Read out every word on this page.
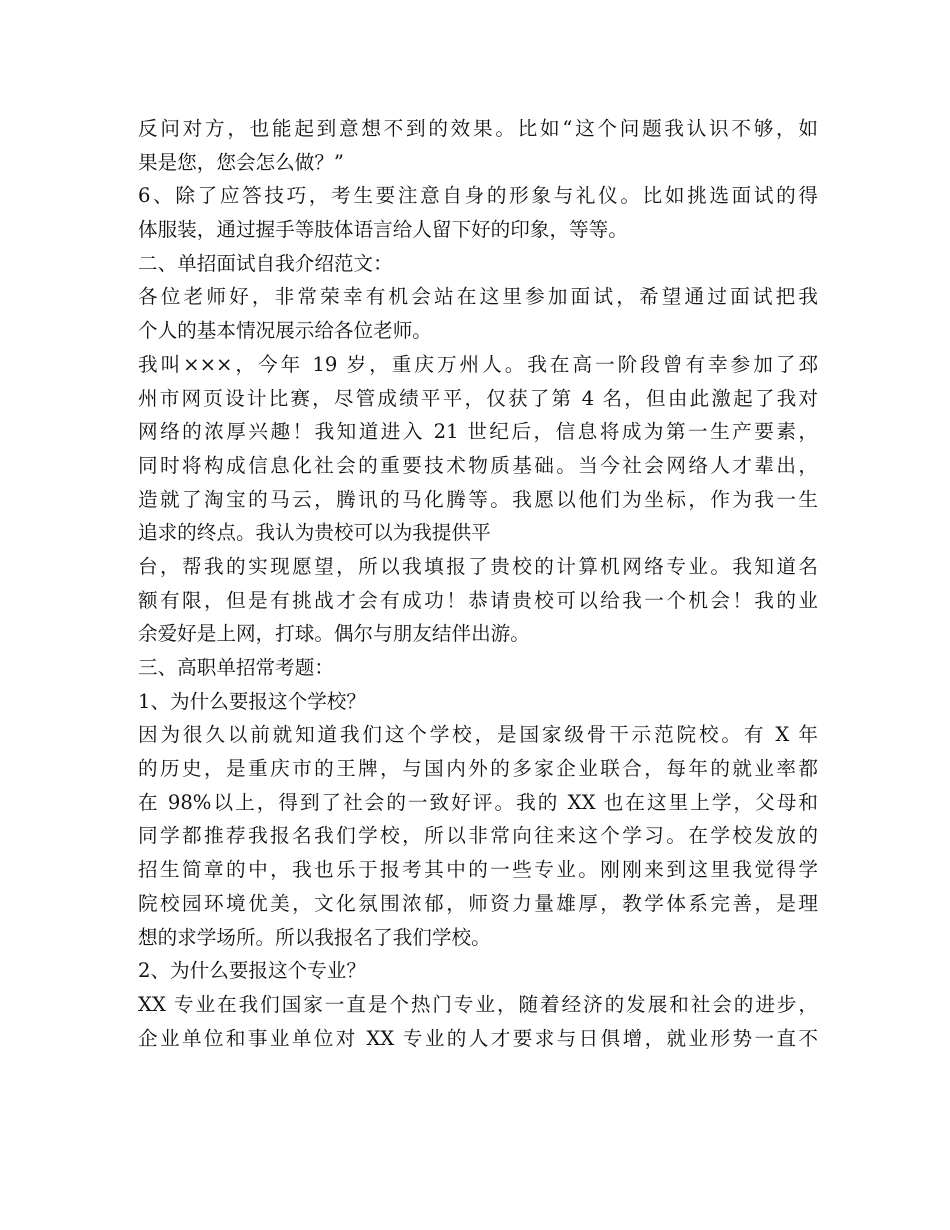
反问对方，也能起到意想不到的效果。比如“这个问题我认识不够，如
果是您，您会怎么做？”
6、除了应答技巧，考生要注意自身的形象与礼仪。比如挑选面试的得
体服装，通过握手等肢体语言给人留下好的印象，等等。
二、单招面试自我介绍范文：
各位老师好，非常荣幸有机会站在这里参加面试，希望通过面试把我
个人的基本情况展示给各位老师。
我叫×××，今年 19 岁，重庆万州人。我在高一阶段曾有幸参加了邳
州市网页设计比赛，尽管成绩平平，仅获了第 4 名，但由此激起了我对
网络的浓厚兴趣！我知道进入 21 世纪后，信息将成为第一生产要素，
同时将构成信息化社会的重要技术物质基础。当今社会网络人才辈出，
造就了淘宝的马云，腾讯的马化腾等。我愿以他们为坐标，作为我一生
追求的终点。我认为贵校可以为我提供平
台，帮我的实现愿望，所以我填报了贵校的计算机网络专业。我知道名
额有限，但是有挑战才会有成功！恭请贵校可以给我一个机会！我的业
余爱好是上网，打球。偶尔与朋友结伴出游。
三、高职单招常考题：
1、为什么要报这个学校？
因为很久以前就知道我们这个学校，是国家级骨干示范院校。有 X 年
的历史，是重庆市的王牌，与国内外的多家企业联合，每年的就业率都
在 98%以上，得到了社会的一致好评。我的 XX 也在这里上学，父母和
同学都推荐我报名我们学校，所以非常向往来这个学习。在学校发放的
招生简章的中，我也乐于报考其中的一些专业。刚刚来到这里我觉得学
院校园环境优美，文化氛围浓郁，师资力量雄厚，教学体系完善，是理
想的求学场所。所以我报名了我们学校。
2、为什么要报这个专业？
XX 专业在我们国家一直是个热门专业，随着经济的发展和社会的进步，
企业单位和事业单位对 XX 专业的人才要求与日俱增，就业形势一直不
